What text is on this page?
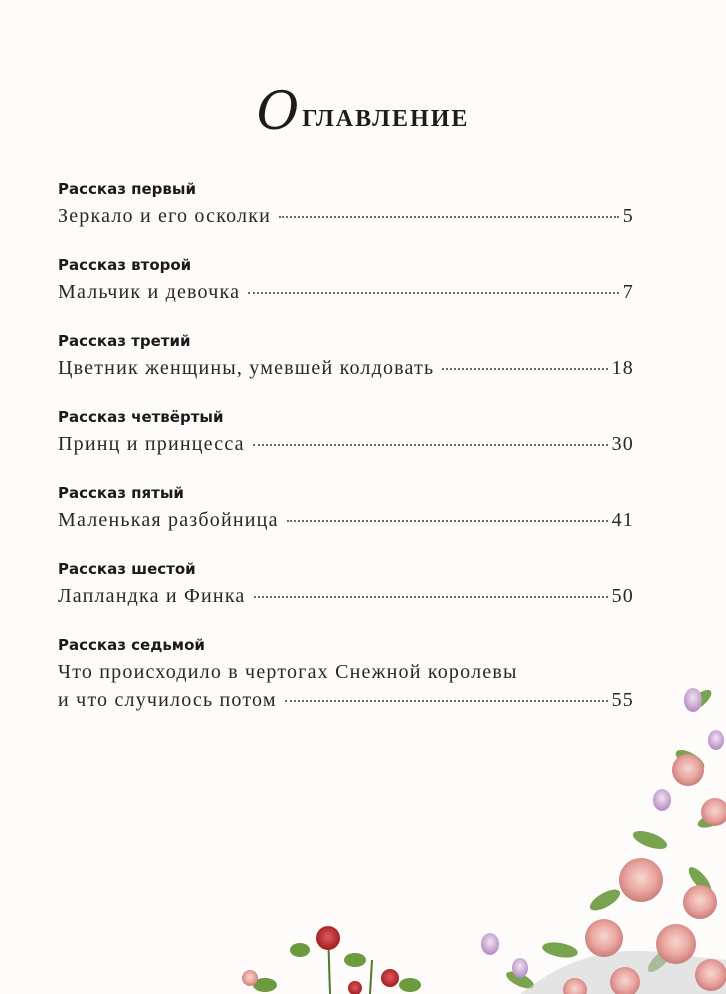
Оглавление
Рассказ первый
Зеркало и его осколки	5
Рассказ второй
Мальчик и девочка	7
Рассказ третий
Цветник женщины, умевшей колдовать	18
Рассказ четвёртый
Принц и принцесса	30
Рассказ пятый
Маленькая разбойница	41
Рассказ шестой
Лапландка и Финка	50
Рассказ седьмой
Что происходило в чертогах Снежной королевы
и что случилось потом	55
